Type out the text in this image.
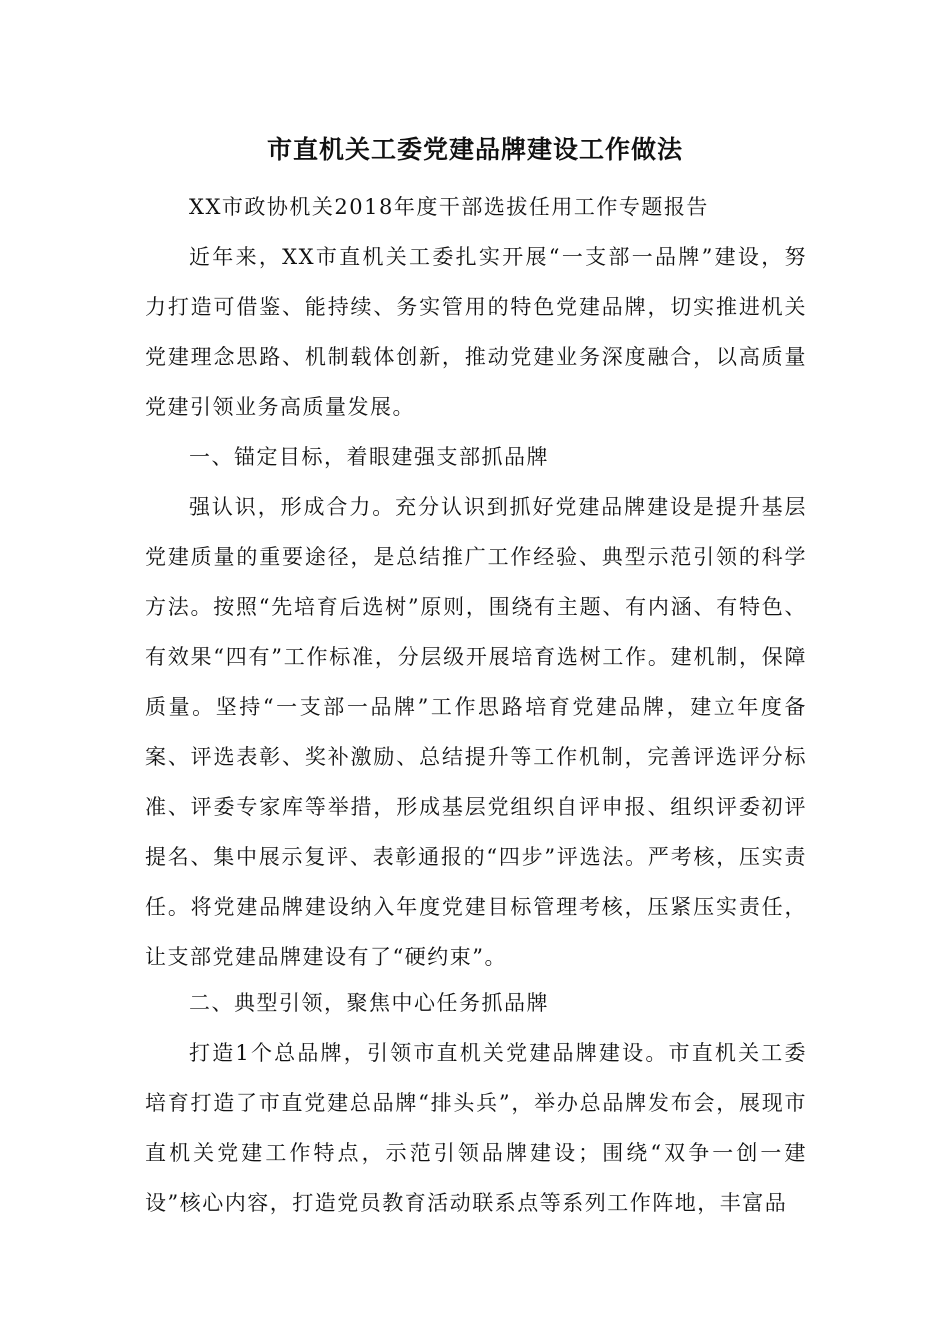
市直机关工委党建品牌建设工作做法

XX市政协机关2018年度干部选拔任用工作专题报告

近年来，XX市直机关工委扎实开展“一支部一品牌”建设，努力打造可借鉴、能持续、务实管用的特色党建品牌，切实推进机关党建理念思路、机制载体创新，推动党建业务深度融合，以高质量党建引领业务高质量发展。

一、锚定目标，着眼建强支部抓品牌

强认识，形成合力。充分认识到抓好党建品牌建设是提升基层党建质量的重要途径，是总结推广工作经验、典型示范引领的科学方法。按照“先培育后选树”原则，围绕有主题、有内涵、有特色、有效果“四有”工作标准，分层级开展培育选树工作。建机制，保障质量。坚持“一支部一品牌”工作思路培育党建品牌，建立年度备案、评选表彰、奖补激励、总结提升等工作机制，完善评选评分标准、评委专家库等举措，形成基层党组织自评申报、组织评委初评提名、集中展示复评、表彰通报的“四步”评选法。严考核，压实责任。将党建品牌建设纳入年度党建目标管理考核，压紧压实责任，让支部党建品牌建设有了“硬约束”。

二、典型引领，聚焦中心任务抓品牌

打造1个总品牌，引领市直机关党建品牌建设。市直机关工委培育打造了市直党建总品牌“排头兵”，举办总品牌发布会，展现市直机关党建工作特点，示范引领品牌建设；围绕“双争一创一建设”核心内容，打造党员教育活动联系点等系列工作阵地，丰富品
